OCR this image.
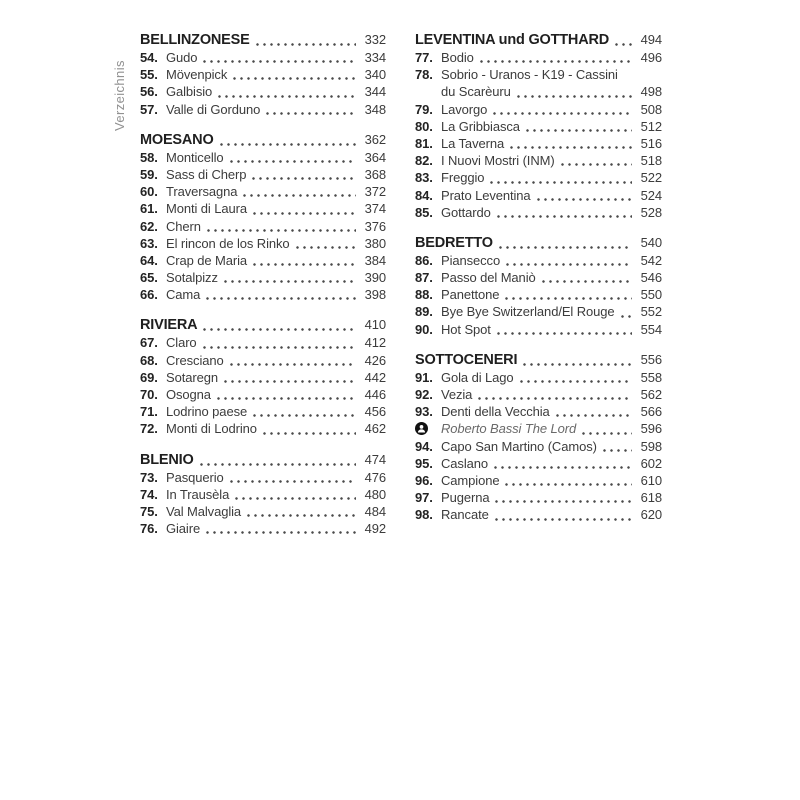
Verzeichnis
BELLINZONESE	332
54. Gudo	334
55. Mövenpick	340
56. Galbisio	344
57. Valle di Gorduno	348
MOESANO	362
58. Monticello	364
59. Sass di Cherp	368
60. Traversagna	372
61. Monti di Laura	374
62. Chern	376
63. El rincon de los Rinko	380
64. Crap de Maria	384
65. Sotalpizz	390
66. Cama	398
RIVIERA	410
67. Claro	412
68. Cresciano	426
69. Sotaregn	442
70. Osogna	446
71. Lodrino paese	456
72. Monti di Lodrino	462
BLENIO	474
73. Pasquerio	476
74. In Trausèla	480
75. Val Malvaglia	484
76. Giaire	492
LEVENTINA und GOTTHARD	494
77. Bodio	496
78. Sobrio - Uranos - K19 - Cassini
du Scarèuru	498
79. Lavorgo	508
80. La Gribbiasca	512
81. La Taverna	516
82. I Nuovi Mostri (INM)	518
83. Freggio	522
84. Prato Leventina	524
85. Gottardo	528
BEDRETTO	540
86. Piansecco	542
87. Passo del Maniò	546
88. Panettone	550
89. Bye Bye Switzerland/El Rouge	552
90. Hot Spot	554
SOTTOCENERI	556
91. Gola di Lago	558
92. Vezia	562
93. Denti della Vecchia	566
Roberto Bassi The Lord	596
94. Capo San Martino (Camos)	598
95. Caslano	602
96. Campione	610
97. Pugerna	618
98. Rancate	620
